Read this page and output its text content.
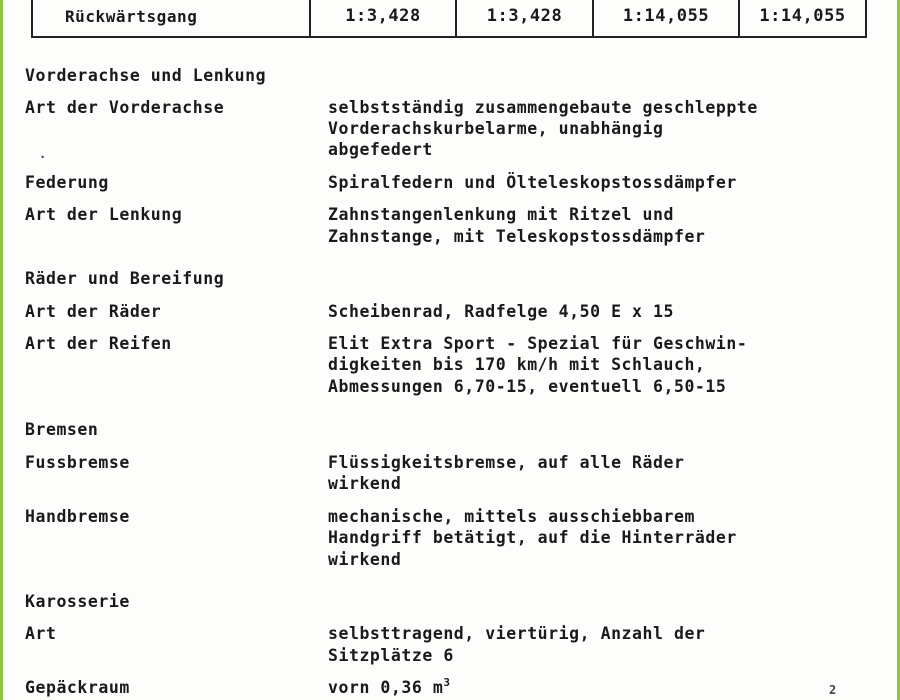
Rückwärtsgang	1:3,428	1:3,428	1:14,055	1:14,055
Vorderachse und Lenkung
Art der Vorderachse	selbstständig zusammengebaute geschleppte
Vorderachskurbelarme, unabhängig
abgefedert
·
Federung	Spiralfedern und Ölteleskopstossdämpfer
Art der Lenkung	Zahnstangenlenkung mit Ritzel und
Zahnstange, mit Teleskopstossdämpfer
Räder und Bereifung
Art der Räder	Scheibenrad, Radfelge 4,50 E x 15
Art der Reifen	Elit Extra Sport - Spezial für Geschwin-
digkeiten bis 170 km/h mit Schlauch,
Abmessungen 6,70-15, eventuell 6,50-15
Bremsen
Fussbremse	Flüssigkeitsbremse, auf alle Räder
wirkend
Handbremse	mechanische, mittels ausschiebbarem
Handgriff betätigt, auf die Hinterräder
wirkend
Karosserie
Art	selbsttragend, viertürig, Anzahl der
Sitzplätze 6
Gepäckraum	vorn 0,36 $m^3$
2
